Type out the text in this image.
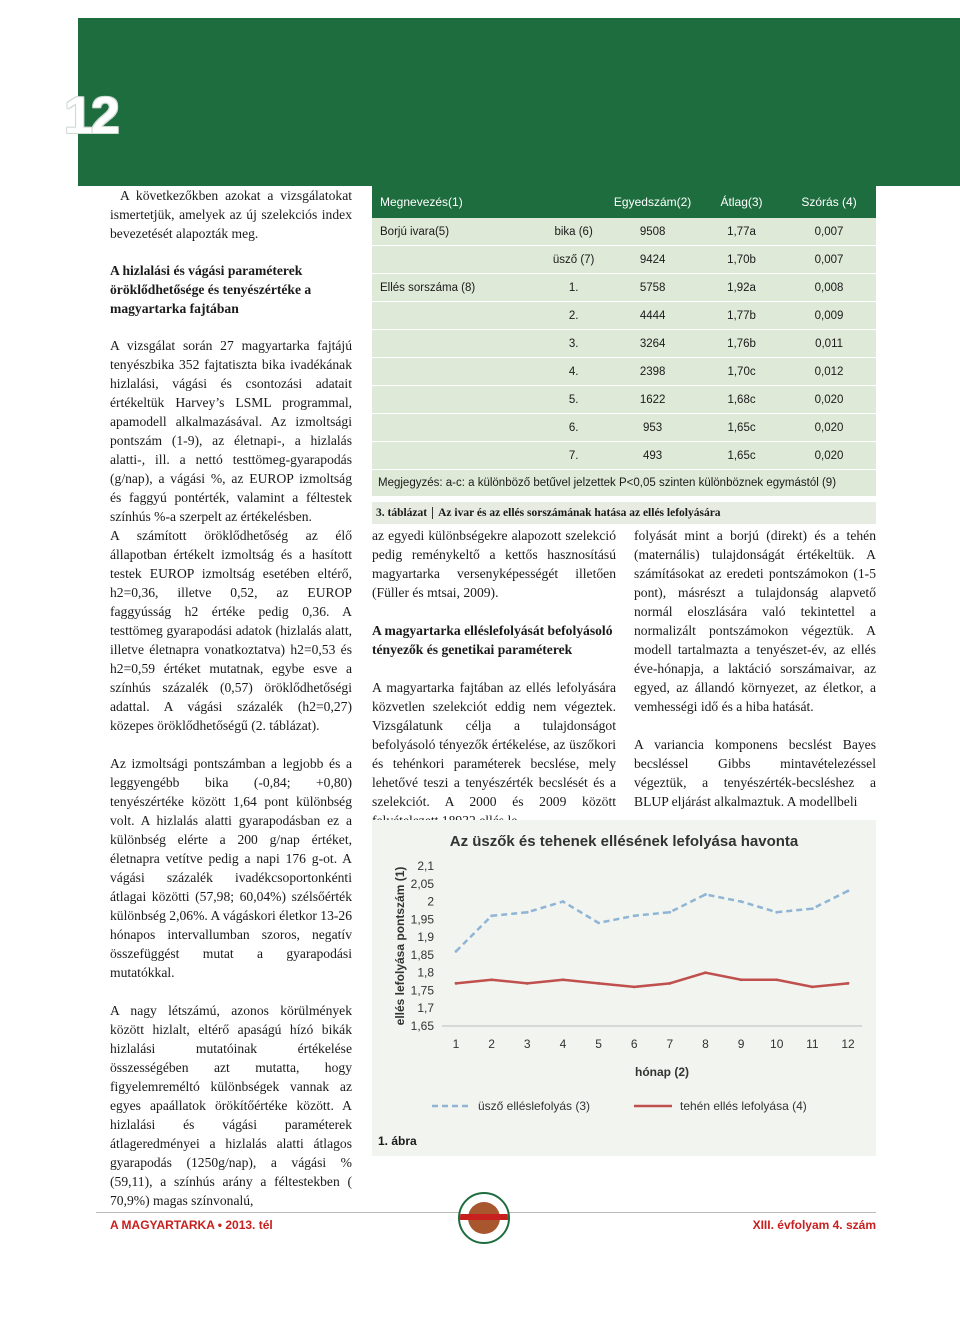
12

A következőkben azokat a vizsgálatokat ismertetjük, amelyek az új szelekciós index bevezetését alapozták meg.

A hizlalási és vágási paraméterek öröklődhetősége és tenyészértéke a magyartarka fajtában

A vizsgálat során 27 magyartarka fajtájú tenyészbika 352 fajtatiszta bika ivadékának hizlalási, vágási és csontozási adatait értékeltük Harvey’s LSML programmal, apamodell alkalmazásával. Az izmoltsági pontszám (1-9), az életnapi-, a hizlalás alatti-, ill. a nettó testtömeg-gyarapodás (g/nap), a vágási %, az EUROP izmoltság és faggyú pontérték, valamint a féltestek színhús %-a szerpelt az értékelésben.

Megnevezés(1)		Egyedszám(2)	Átlag(3)	Szórás (4)
Borjú ivara(5)	bika (6)	9508	1,77a	0,007
	üsző (7)	9424	1,70b	0,007
Ellés sorszáma (8)	1.	5758	1,92a	0,008
	2.	4444	1,77b	0,009
	3.	3264	1,76b	0,011
	4.	2398	1,70c	0,012
	5.	1622	1,68c	0,020
	6.	953	1,65c	0,020
	7.	493	1,65c	0,020
Megjegyzés: a-c: a különböző betűvel jelzettek P<0,05 szinten különböznek egymástól (9)
3. táblázat Az ivar és az ellés sorszámának hatása az ellés lefolyására

A számított öröklődhetőség az élő állapotban értékelt izmoltság és a hasított testek EUROP izmoltság esetében eltérő, h2=0,36, illetve 0,52, az EUROP faggyússág h2 értéke pedig 0,36. A testtömeg gyarapodási adatok (hizlalás alatt, illetve életnapra vonatkoztatva) h2=0,53 és h2=0,59 értéket mutatnak, egybe esve a színhús százalék (0,57) öröklődhetőségi adattal. A vágási százalék (h2=0,27) közepes öröklődhetőségű (2. táblázat).

Az izmoltsági pontszámban a legjobb és a leggyengébb bika (-0,84; +0,80) tenyészértéke között 1,64 pont különbség volt. A hizlalás alatti gyarapodásban ez a különbség elérte a 200 g/nap értéket, életnapra vetítve pedig a napi 176 g-ot. A vágási százalék ivadékcsoportonkénti átlagai közötti (57,98; 60,04%) szélsőérték különbség 2,06%. A vágáskori életkor 13-26 hónapos intervallumban szoros, negatív összefüggést mutat a gyarapodási mutatókkal.

A nagy létszámú, azonos körülmények között hizlalt, eltérő apaságú hízó bikák hizlalási mutatóinak értékelése összességében azt mutatta, hogy figyelemreméltó különbségek vannak az egyes apaállatok örökítőértéke között. A hizlalási és vágási paraméterek átlageredményei a hizlalás alatti átlagos gyarapodás (1250g/nap), a vágási % (59,11), a színhús arány a féltestekben ( 70,9%) magas színvonalú,

az egyedi különbségekre alapozott szelekció pedig reménykeltő a kettős hasznosítású magyartarka versenyképességét illetően (Füller és mtsai, 2009).

A magyartarka elléslefolyását befolyásoló tényezők és genetikai paraméterek

A magyartarka fajtában az ellés lefolyására közvetlen szelekciót eddig nem végeztek. Vizsgálatunk célja a tulajdonságot befolyásoló tényezők értékelése, az üszőkori és tehénkori paraméterek becslése, mely lehetővé teszi a tenyészérték becslését és a szelekciót. A 2000 és 2009 között

folyását mint a borjú (direkt) és a tehén (maternális) tulajdonságát értékeltük. A számításokat az eredeti pontszámokon (1-5 pont), másrészt a tulajdonság alapvető normál eloszlására való tekintettel a normalizált pontszámokon végeztük. A modell tartalmazta a tenyészet-év, az ellés éve-hónapja, a laktáció sorszámaivar, az egyed, az állandó környezet, az életkor, a vemhességi idő és a hiba hatását.

A variancia komponens becslést Bayes becsléssel Gibbs mintavételezéssel végeztük, a tenyészérték-becsléshez a BLUP eljárást alkalmaztuk. A modellbeli

Az üszők és tehenek ellésének lefolyása havonta
1,65
1,7
1,75
1,8
1,85
1,9
1,95
2
2,05
2,1
1 2 3 4 5 6 7 8 9 10 11 12
hónap (2)
ellés lefolyása pontszám (1)
üsző elléslefolyás (3)	tehén ellés lefolyása (4)
1. ábra
A MAGYARTARKA • 2013. tél	XIII. évfolyam 4. szám
